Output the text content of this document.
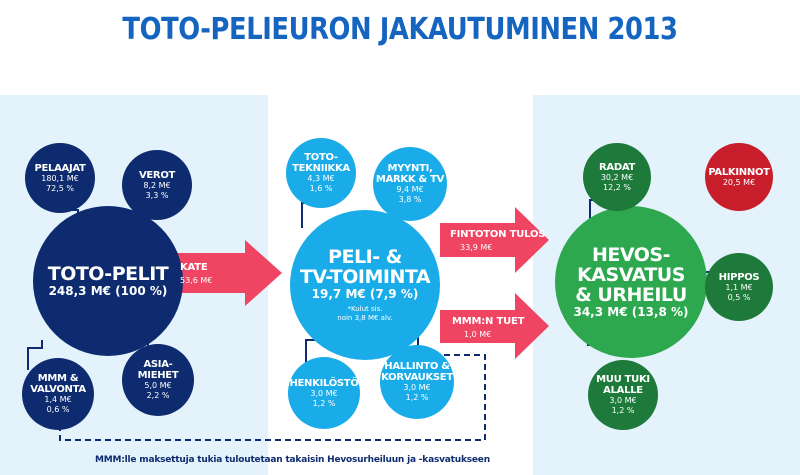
TOTO-PELIEURON JAKAUTUMINEN 2013
TOTO-PELIT
248,3 M€ (100 %)
PELAAJAT
180,1 M€
72,5 %
VEROT
8,2 M€
3,3 %
MMM &
VALVONTA
1,4 M€
0,6 %
ASIA-
MIEHET
5,0 M€
2,2 %
KATE
53,6 M€
PELI- &
TV-TOIMINTA
19,7 M€ (7,9 %)
*Kulut sis.
noin 3,8 M€ alv.
TOTO-
TEKNIIKKA
4,3 M€
1,6 %
MYYNTI,
MARKK & TV
9,4 M€
3,8 %
HENKILÖSTÖ
3,0 M€
1,2 %
HALLINTO &
KORVAUKSET
3,0 M€
1,2 %
FINTOTON TULOS
33,9 M€
MMM:N TUET
1,0 M€
HEVOS-
KASVATUS
& URHEILU
34,3 M€ (13,8 %)
RADAT
30,2 M€
12,2 %
PALKINNOT
20,5 M€
HIPPOS
1,1 M€
0,5 %
MUU TUKI
ALALLE
3,0 M€
1,2 %
MMM:lle maksettuja tukia tuloutetaan takaisin Hevosurheiluun ja -kasvatukseen
